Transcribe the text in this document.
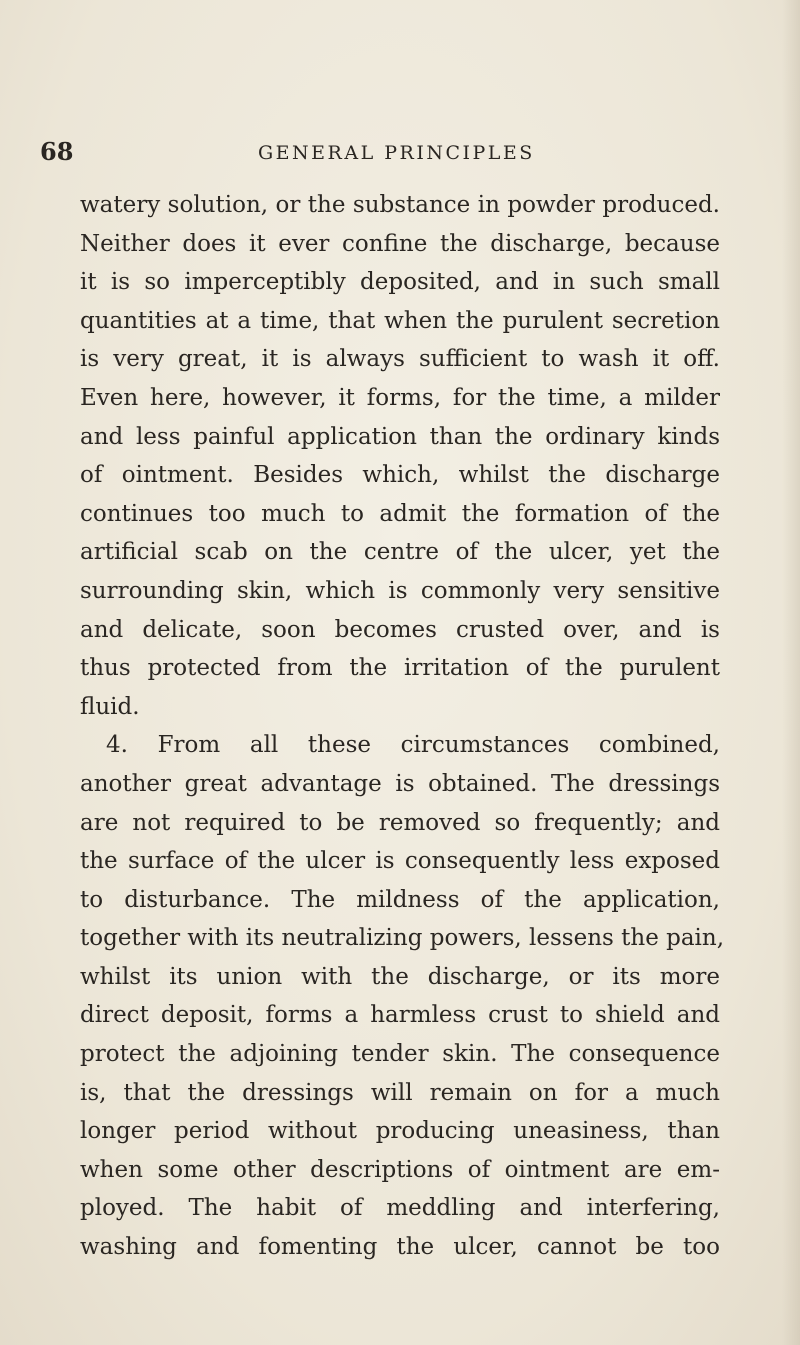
68	GENERAL PRINCIPLES
watery solution, or the substance in powder produced.
Neither does it ever confine the discharge, because
it is so imperceptibly deposited, and in such small
quantities at a time, that when the purulent secretion
is very great, it is always sufficient to wash it off.
Even here, however, it forms, for the time, a milder
and less painful application than the ordinary kinds
of ointment. Besides which, whilst the discharge
continues too much to admit the formation of the
artificial scab on the centre of the ulcer, yet the
surrounding skin, which is commonly very sensitive
and delicate, soon becomes crusted over, and is
thus protected from the irritation of the purulent
fluid.
4. From all these circumstances combined,
another great advantage is obtained. The dressings
are not required to be removed so frequently; and
the surface of the ulcer is consequently less exposed
to disturbance. The mildness of the application,
together with its neutralizing powers, lessens the pain,
whilst its union with the discharge, or its more
direct deposit, forms a harmless crust to shield and
protect the adjoining tender skin. The consequence
is, that the dressings will remain on for a much
longer period without producing uneasiness, than
when some other descriptions of ointment are em-
ployed. The habit of meddling and interfering,
washing and fomenting the ulcer, cannot be too
